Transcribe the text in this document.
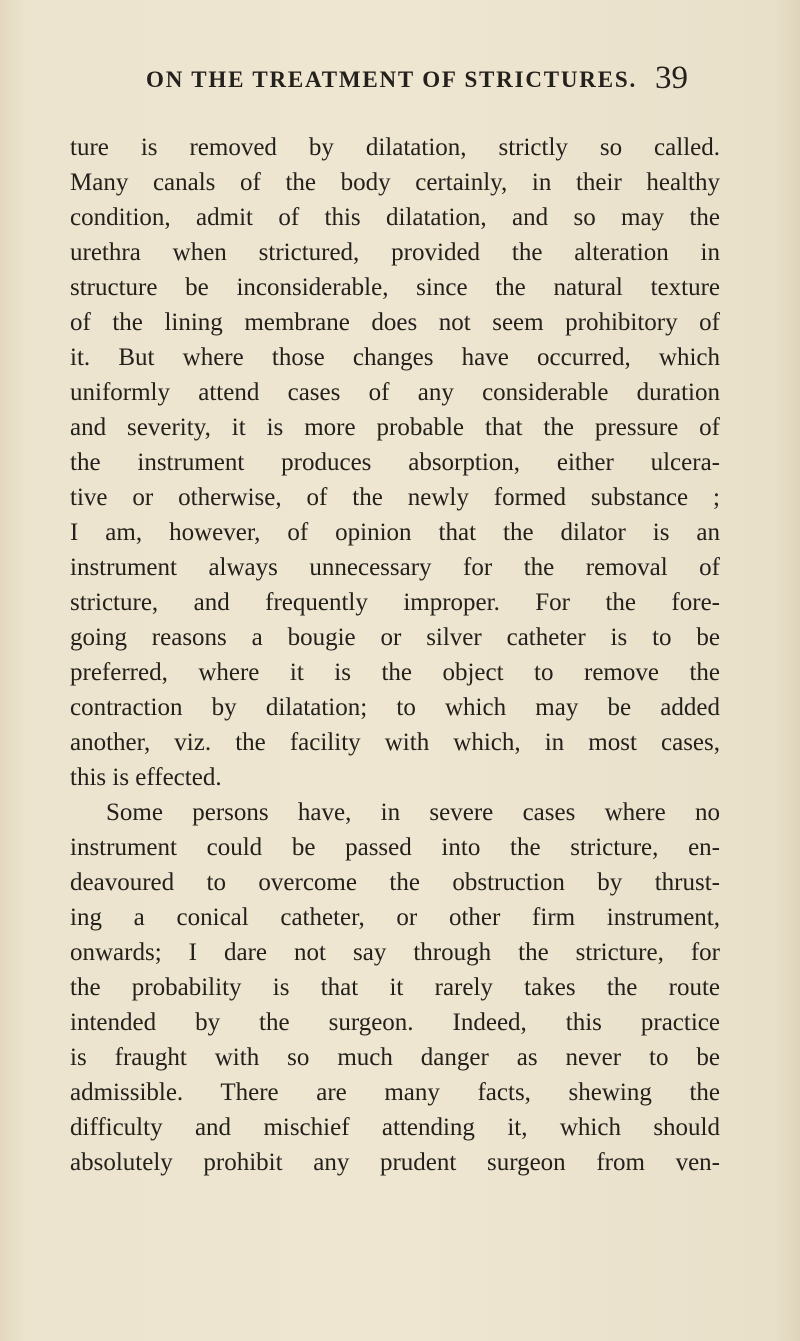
ON THE TREATMENT OF STRICTURES. 39
ture is removed by dilatation, strictly so called.
Many canals of the body certainly, in their healthy
condition, admit of this dilatation, and so may the
urethra when strictured, provided the alteration in
structure be inconsiderable, since the natural texture
of the lining membrane does not seem prohibitory of
it. But where those changes have occurred, which
uniformly attend cases of any considerable duration
and severity, it is more probable that the pressure of
the instrument produces absorption, either ulcera-
tive or otherwise, of the newly formed substance ;
I am, however, of opinion that the dilator is an
instrument always unnecessary for the removal of
stricture, and frequently improper. For the fore-
going reasons a bougie or silver catheter is to be
preferred, where it is the object to remove the
contraction by dilatation; to which may be added
another, viz. the facility with which, in most cases,
this is effected.
Some persons have, in severe cases where no
instrument could be passed into the stricture, en-
deavoured to overcome the obstruction by thrust-
ing a conical catheter, or other firm instrument,
onwards; I dare not say through the stricture, for
the probability is that it rarely takes the route
intended by the surgeon. Indeed, this practice
is fraught with so much danger as never to be
admissible. There are many facts, shewing the
difficulty and mischief attending it, which should
absolutely prohibit any prudent surgeon from ven-
